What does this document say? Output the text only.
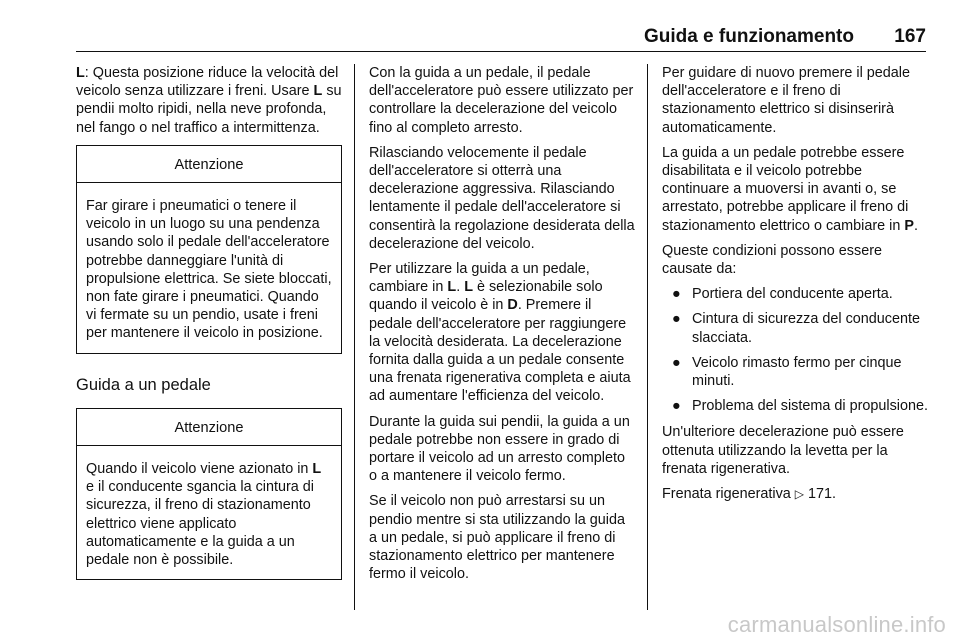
Guida e funzionamento 167

L: Questa posizione riduce la velocità del veicolo senza utilizzare i freni. Usare L su pendii molto ripidi, nella neve profonda, nel fango o nel traffico a intermittenza.

Attenzione
Far girare i pneumatici o tenere il veicolo in un luogo su una pendenza usando solo il pedale dell'acceleratore potrebbe danneggiare l'unità di propulsione elettrica. Se siete bloccati, non fate girare i pneumatici. Quando vi fermate su un pendio, usate i freni per mantenere il veicolo in posizione.
Guida a un pedale
Attenzione
Quando il veicolo viene azionato in L e il conducente sgancia la cintura di sicurezza, il freno di stazionamento elettrico viene applicato automaticamente e la guida a un pedale non è possibile.

Con la guida a un pedale, il pedale dell'acceleratore può essere utilizzato per controllare la decelerazione del veicolo fino al completo arresto.

Rilasciando velocemente il pedale dell'acceleratore si otterrà una decelerazione aggressiva. Rilasciando lentamente il pedale dell'acceleratore si consentirà la regolazione desiderata della decelerazione del veicolo.

Per utilizzare la guida a un pedale, cambiare in L. L è selezionabile solo quando il veicolo è in D. Premere il pedale dell'acceleratore per raggiungere la velocità desiderata. La decelerazione fornita dalla guida a un pedale consente una frenata rigenerativa completa e aiuta ad aumentare l'efficienza del veicolo.

Durante la guida sui pendii, la guida a un pedale potrebbe non essere in grado di portare il veicolo ad un arresto completo o a mantenere il veicolo fermo.

Se il veicolo non può arrestarsi su un pendio mentre si sta utilizzando la guida a un pedale, si può applicare il freno di stazionamento elettrico per mantenere fermo il veicolo.

Per guidare di nuovo premere il pedale dell'acceleratore e il freno di stazionamento elettrico si disinserirà automaticamente.

La guida a un pedale potrebbe essere disabilitata e il veicolo potrebbe continuare a muoversi in avanti o, se arrestato, potrebbe applicare il freno di stazionamento elettrico o cambiare in P.

Queste condizioni possono essere causate da:

● Portiera del conducente aperta.
● Cintura di sicurezza del conducente slacciata.
● Veicolo rimasto fermo per cinque minuti.
● Problema del sistema di propulsione.

Un'ulteriore decelerazione può essere ottenuta utilizzando la levetta per la frenata rigenerativa.

Frenata rigenerativa ▷ 171.

carmanualsonline.info
